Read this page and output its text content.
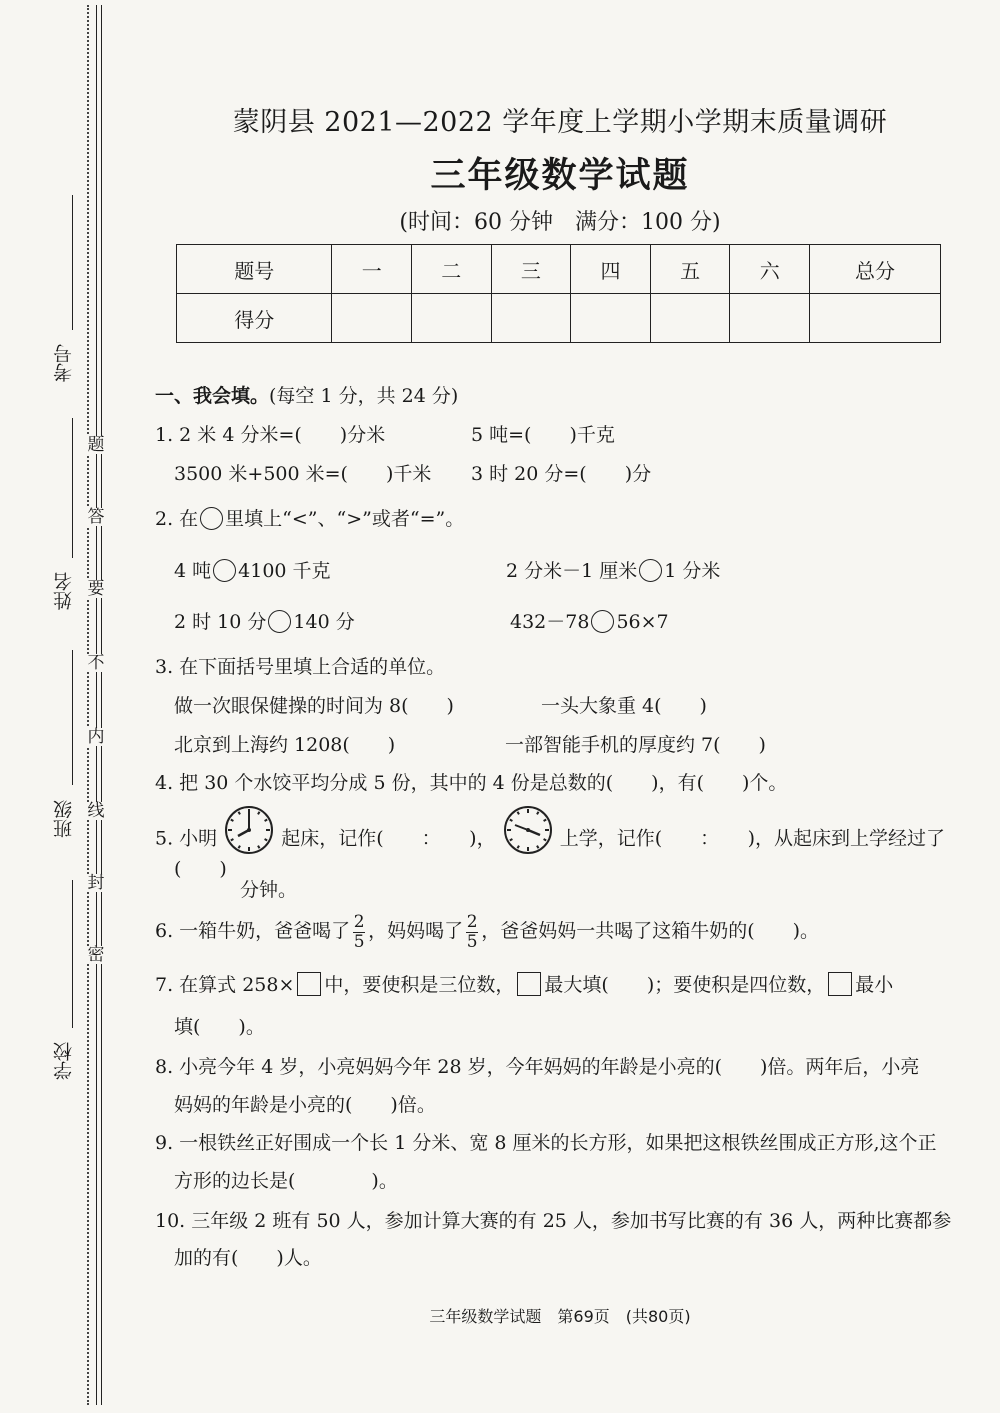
题
答
要
不
内
线
封
密
考号
姓名
班级
学校
蒙阴县 2021—2022 学年度上学期小学期末质量调研
三年级数学试题
(时间：60 分钟　满分：100 分)
题号	一	二	三	四	五	六	总分
得分							
一、我会填。(每空 1 分，共 24 分)
1. 2 米 4 分米=(　　)分米	5 吨=(　　)千克
3500 米+500 米=(　　)千米 3 时 20 分=(　　)分
2. 在 里填上“<”、“>”或者“=”。
4 吨 4100 千克	2 分米－1 厘米 1 分米
2 时 10 分 140 分	432－78 56×7
3. 在下面括号里填上合适的单位。
做一次眼保健操的时间为 8(　　)	一头大象重 4(　　)
北京到上海约 1208(　　)	一部智能手机的厚度约 7(　　)
4. 把 30 个水饺平均分成 5 份，其中的 4 份是总数的(　　)，有(　　)个。
5. 小明	起床，记作(　　：　　)，	上学，记作(　　：　　)，从起床到上学经过了
(　　)
分钟。
6. 一箱牛奶，爸爸喝了 $\frac{2}{5}$ ，妈妈喝了 $\frac{2}{5}$ ，爸爸妈妈一共喝了这箱牛奶的(　　)。
7. 在算式 258× 中，要使积是三位数， 最大填(　　)；要使积是四位数， 最小
填(　　)。
8. 小亮今年 4 岁，小亮妈妈今年 28 岁，今年妈妈的年龄是小亮的(　　)倍。两年后，小亮
妈妈的年龄是小亮的(　　)倍。
9. 一根铁丝正好围成一个长 1 分米、宽 8 厘米的长方形，如果把这根铁丝围成正方形,这个正
方形的边长是(　　　　)。
10. 三年级 2 班有 50 人，参加计算大赛的有 25 人，参加书写比赛的有 36 人，两种比赛都参
加的有(　　)人。
三年级数学试题　第69页　(共80页)
